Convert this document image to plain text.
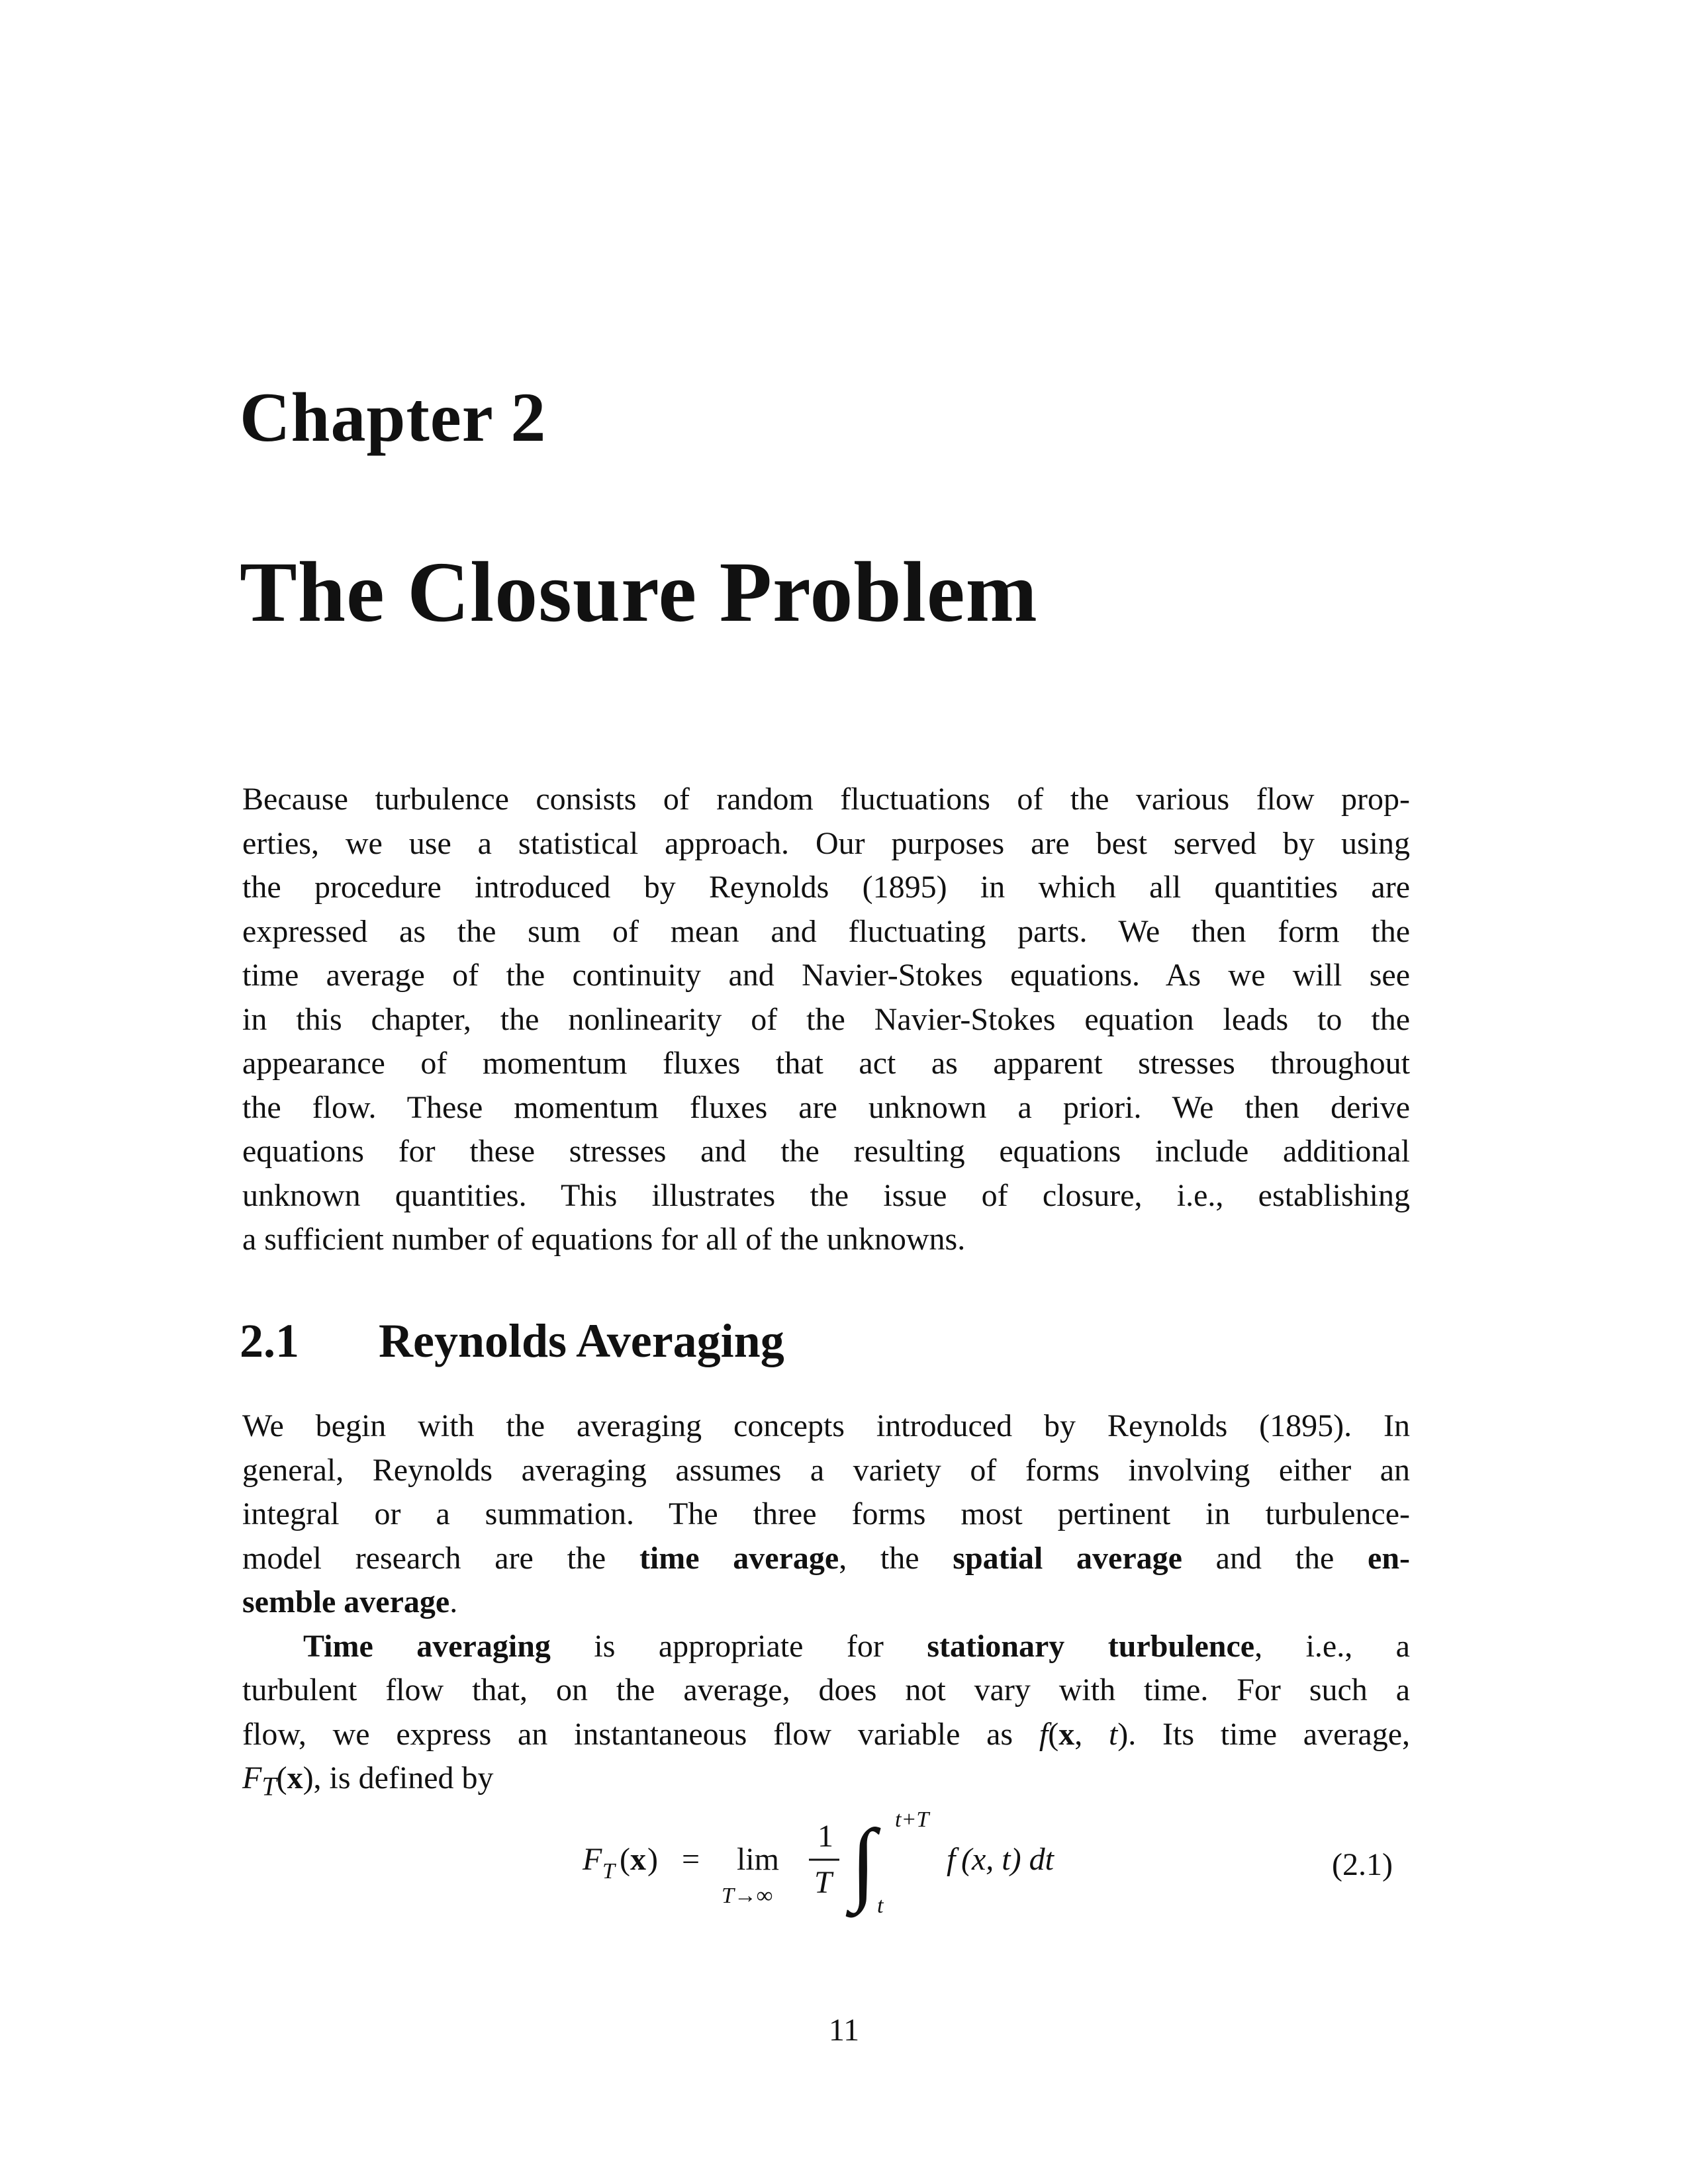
Chapter 2
The Closure Problem
Because turbulence consists of random fluctuations of the various flow prop-
erties, we use a statistical approach. Our purposes are best served by using
the procedure introduced by Reynolds (1895) in which all quantities are
expressed as the sum of mean and fluctuating parts. We then form the
time average of the continuity and Navier-Stokes equations. As we will see
in this chapter, the nonlinearity of the Navier-Stokes equation leads to the
appearance of momentum fluxes that act as apparent stresses throughout
the flow. These momentum fluxes are unknown a priori. We then derive
equations for these stresses and the resulting equations include additional
unknown quantities. This illustrates the issue of closure, i.e., establishing
a sufficient number of equations for all of the unknowns.
2.1 Reynolds Averaging
We begin with the averaging concepts introduced by Reynolds (1895). In
general, Reynolds averaging assumes a variety of forms involving either an
integral or a summation. The three forms most pertinent in turbulence-
model research are the time average, the spatial average and the en-
semble average.
Time averaging is appropriate for stationary turbulence, i.e., a
turbulent flow that, on the average, does not vary with time. For such a
flow, we express an instantaneous flow variable as f(x, t). Its time average,
$F_T(x)$, is defined by
F T ( x ) = lim
T→∞
1
T ∫ t+T
t
f (x, t) dt	(2.1)
11
